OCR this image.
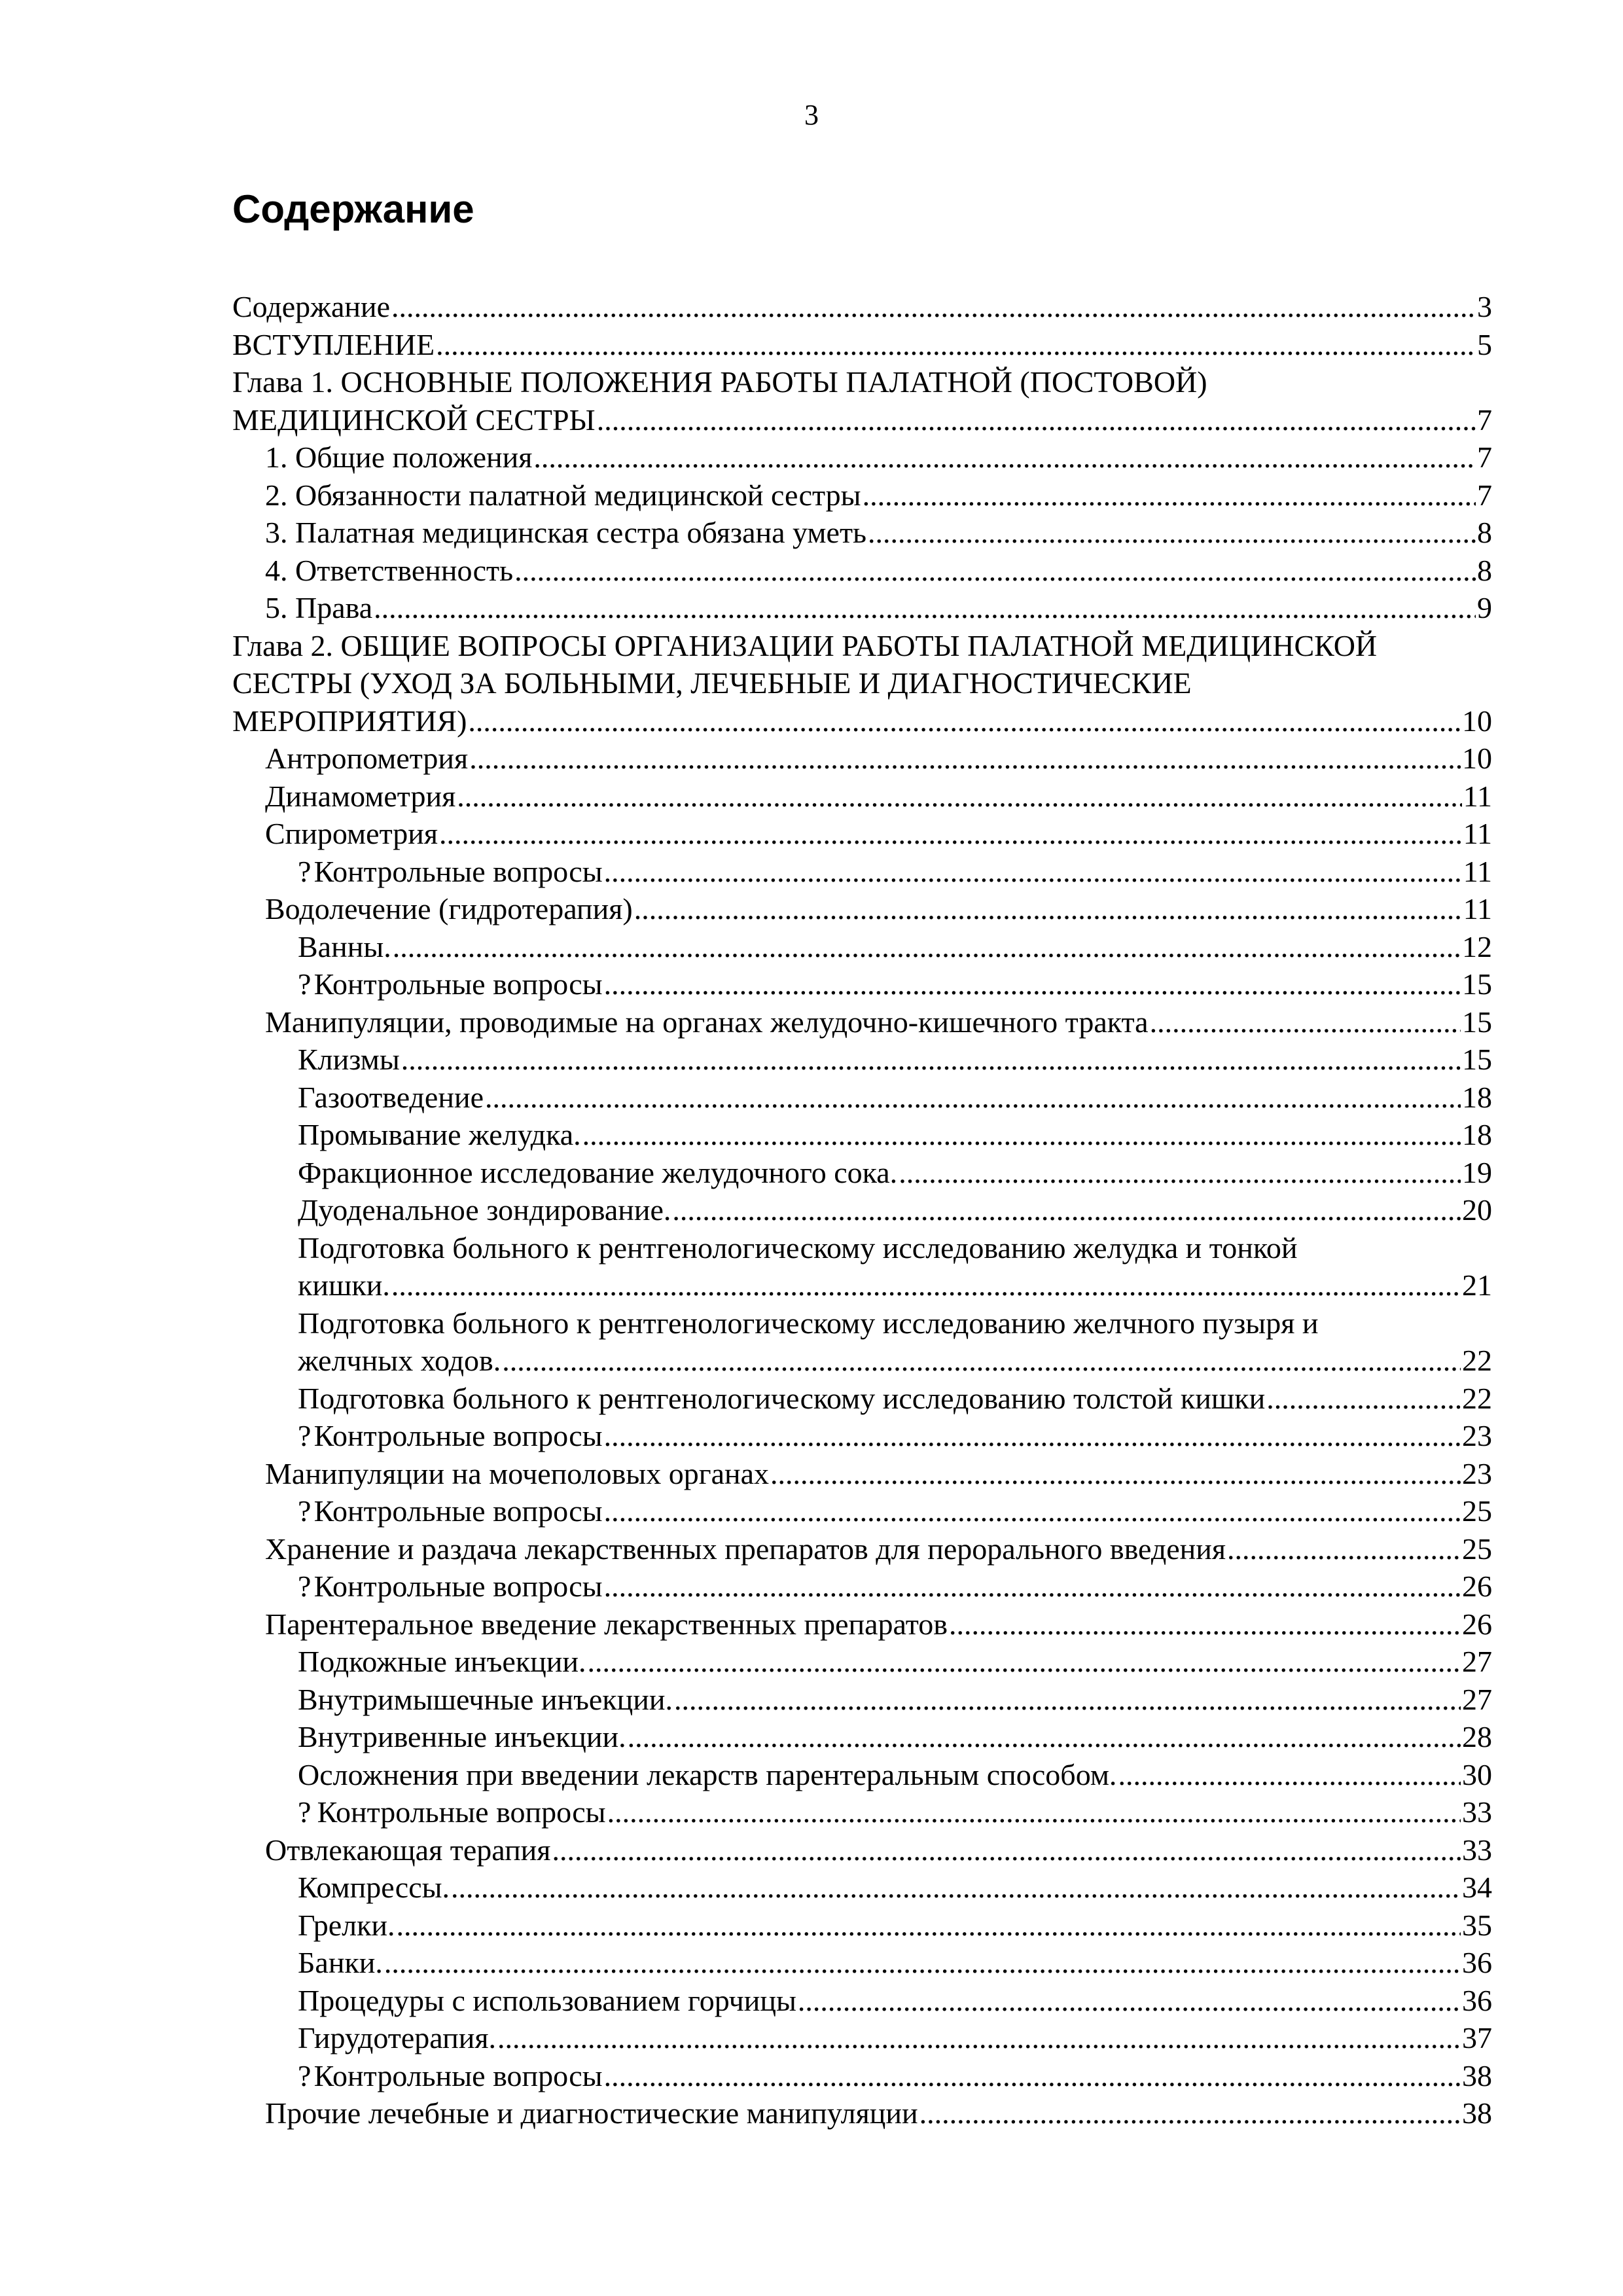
3
Содержание
Содержание .....	3
ВСТУПЛЕНИЕ .....	5
Глава 1. ОСНОВНЫЕ ПОЛОЖЕНИЯ РАБОТЫ ПАЛАТНОЙ (ПОСТОВОЙ)
МЕДИЦИНСКОЙ СЕСТРЫ .....	7
1. Общие положения .....	7
2. Обязанности палатной медицинской сестры .....	7
3. Палатная медицинская сестра обязана уметь .....	8
4. Ответственность .....	8
5. Права .....	9
Глава 2. ОБЩИЕ ВОПРОСЫ ОРГАНИЗАЦИИ РАБОТЫ ПАЛАТНОЙ МЕДИЦИНСКОЙ
СЕСТРЫ (УХОД ЗА БОЛЬНЫМИ, ЛЕЧЕБНЫЕ И ДИАГНОСТИЧЕСКИЕ
МЕРОПРИЯТИЯ) .....	10
Антропометрия .....	10
Динамометрия .....	11
Спирометрия .....	11
? Контрольные вопросы .....	11
Водолечение (гидротерапия) .....	11
Ванны. .....	12
? Контрольные вопросы .....	15
Манипуляции, проводимые на органах желудочно-кишечного тракта .....	15
Клизмы .....	15
Газоотведение .....	18
Промывание желудка. .....	18
Фракционное исследование желудочного сока. .....	19
Дуоденальное зондирование. .....	20
Подготовка больного к рентгенологическому исследованию желудка и тонкой
кишки. .....	21
Подготовка больного к рентгенологическому исследованию желчного пузыря и
желчных ходов. .....	22
Подготовка больного к рентгенологическому исследованию толстой кишки .....	22
? Контрольные вопросы .....	23
Манипуляции на мочеполовых органах .....	23
? Контрольные вопросы .....	25
Хранение и раздача лекарственных препаратов для перорального введения .....	25
? Контрольные вопросы .....	26
Парентеральное введение лекарственных препаратов .....	26
Подкожные инъекции. .....	27
Внутримышечные инъекции. .....	27
Внутривенные инъекции. .....	28
Осложнения при введении лекарств парентеральным способом. .....	30
? Контрольные вопросы .....	33
Отвлекающая терапия .....	33
Компрессы. .....	34
Грелки. .....	35
Банки. .....	36
Процедуры с использованием горчицы .....	36
Гирудотерапия. .....	37
? Контрольные вопросы .....	38
Прочие лечебные и диагностические манипуляции .....	38
